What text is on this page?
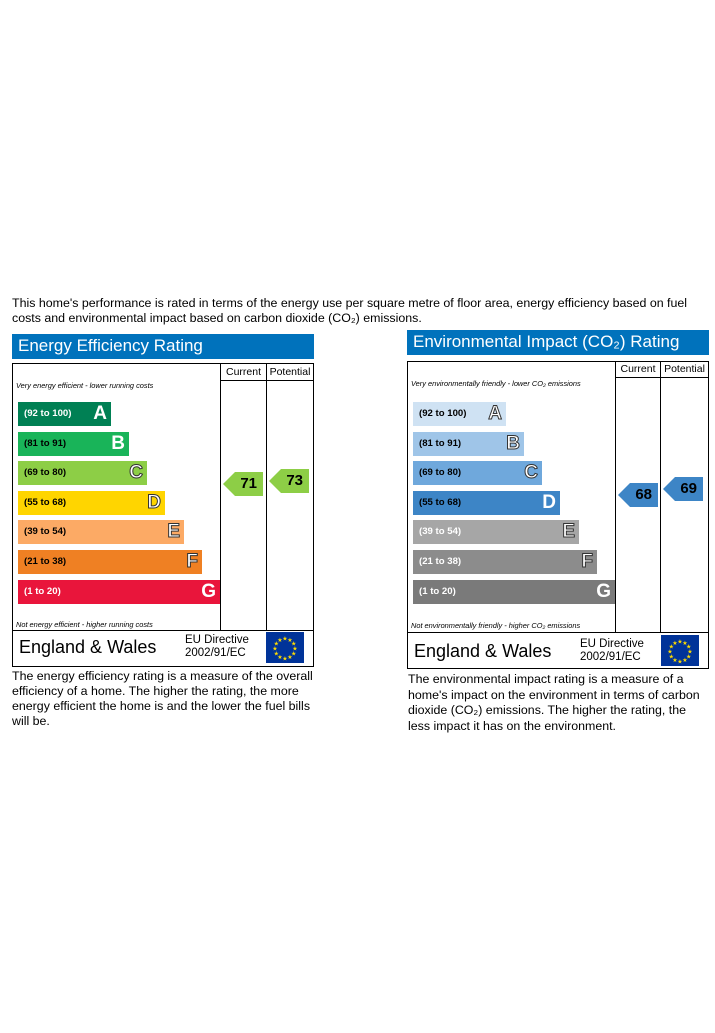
This home's performance is rated in terms of the energy use per square metre of floor area, energy efficiency based on fuel costs and environmental impact based on carbon dioxide (CO₂) emissions.
Energy Efficiency Rating
Current Potential
Very energy efficient - lower running costs
Not energy efficient - higher running costs
(92 to 100) A
(81 to 91) B
(69 to 80)	C
(55 to 68)	D
(39 to 54)	E
(21 to 38)	F
(1 to 20)	G
71 73
England & Wales EU Directive
2002/91/EC
★ ★
★
★
★
★
★
★
★
★
★
★
The energy efficiency rating is a measure of the overall efficiency of a home. The higher the rating, the more energy efficient the home is and the lower the fuel bills will be.
Environmental Impact (CO₂) Rating
Current Potential
Very environmentally friendly - lower CO₂ emissions
Not environmentally friendly - higher CO₂ emissions
(92 to 100) A
(81 to 91) B
(69 to 80)	C
(55 to 68)	D
(39 to 54)	E
(21 to 38)	F
(1 to 20)	G
68 69
England & Wales EU Directive
2002/91/EC
★ ★
★
★
★
★
★
★
★
★
★
★
The environmental impact rating is a measure of a home's impact on the environment in terms of carbon dioxide (CO₂) emissions. The higher the rating, the less impact it has on the environment.
